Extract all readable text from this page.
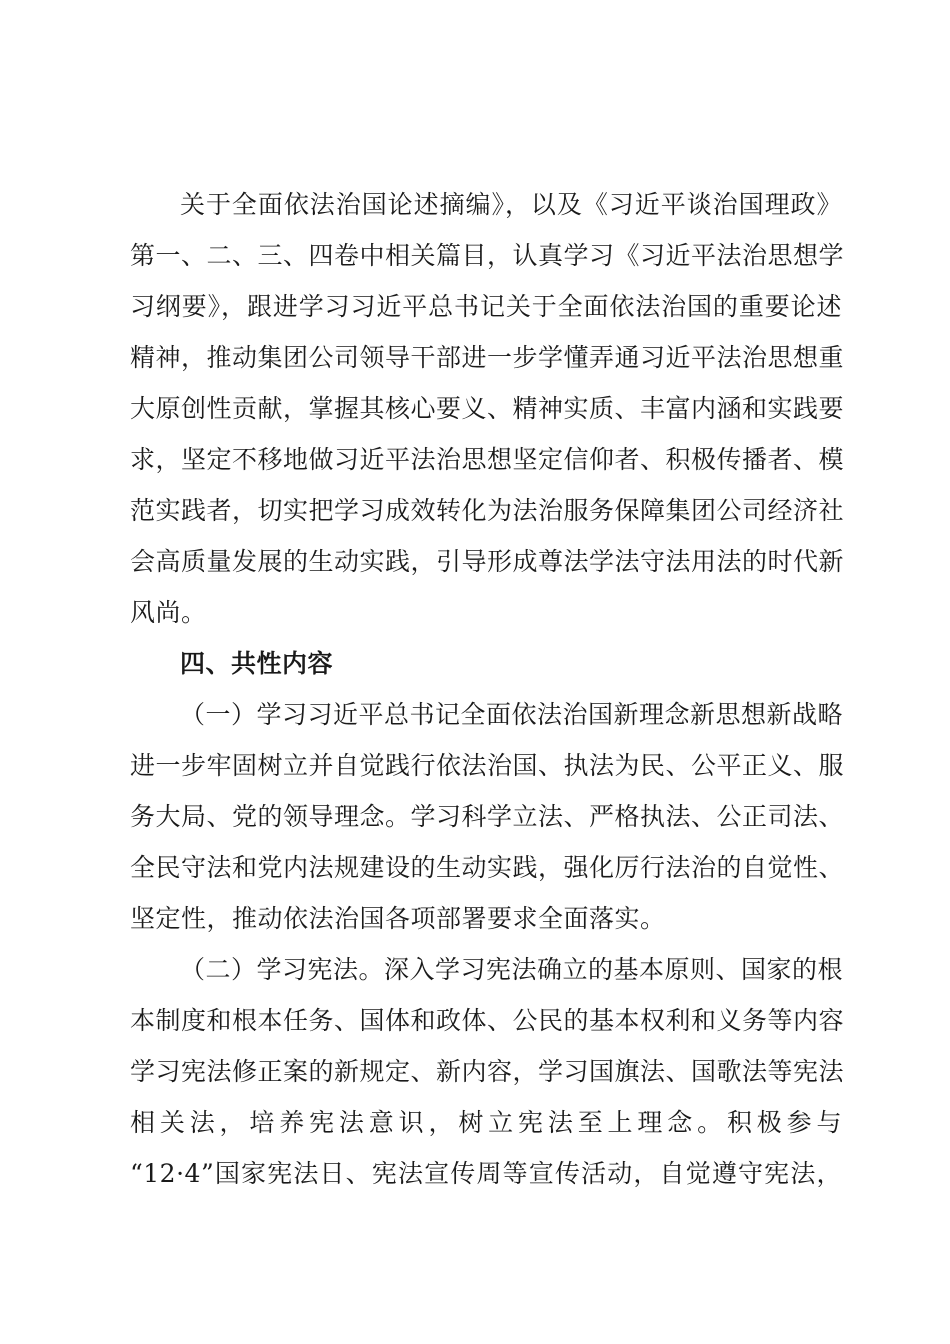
关于全面依法治国论述摘编》，以及《习近平谈治国理政》
第一、二、三、四卷中相关篇目，认真学习《习近平法治思想学
习纲要》，跟进学习习近平总书记关于全面依法治国的重要论述
精神，推动集团公司领导干部进一步学懂弄通习近平法治思想重
大原创性贡献，掌握其核心要义、精神实质、丰富内涵和实践要
求，坚定不移地做习近平法治思想坚定信仰者、积极传播者、模
范实践者，切实把学习成效转化为法治服务保障集团公司经济社
会高质量发展的生动实践，引导形成尊法学法守法用法的时代新
风尚。
四、共性内容
（一）学习习近平总书记全面依法治国新理念新思想新战略
进一步牢固树立并自觉践行依法治国、执法为民、公平正义、服
务大局、党的领导理念。学习科学立法、严格执法、公正司法、
全民守法和党内法规建设的生动实践，强化厉行法治的自觉性、
坚定性，推动依法治国各项部署要求全面落实。
（二）学习宪法。深入学习宪法确立的基本原则、国家的根
本制度和根本任务、国体和政体、公民的基本权利和义务等内容
学习宪法修正案的新规定、新内容，学习国旗法、国歌法等宪法
相关法，培养宪法意识，树立宪法至上理念。积极参与
“12·4”国家宪法日、宪法宣传周等宣传活动，自觉遵守宪法，
